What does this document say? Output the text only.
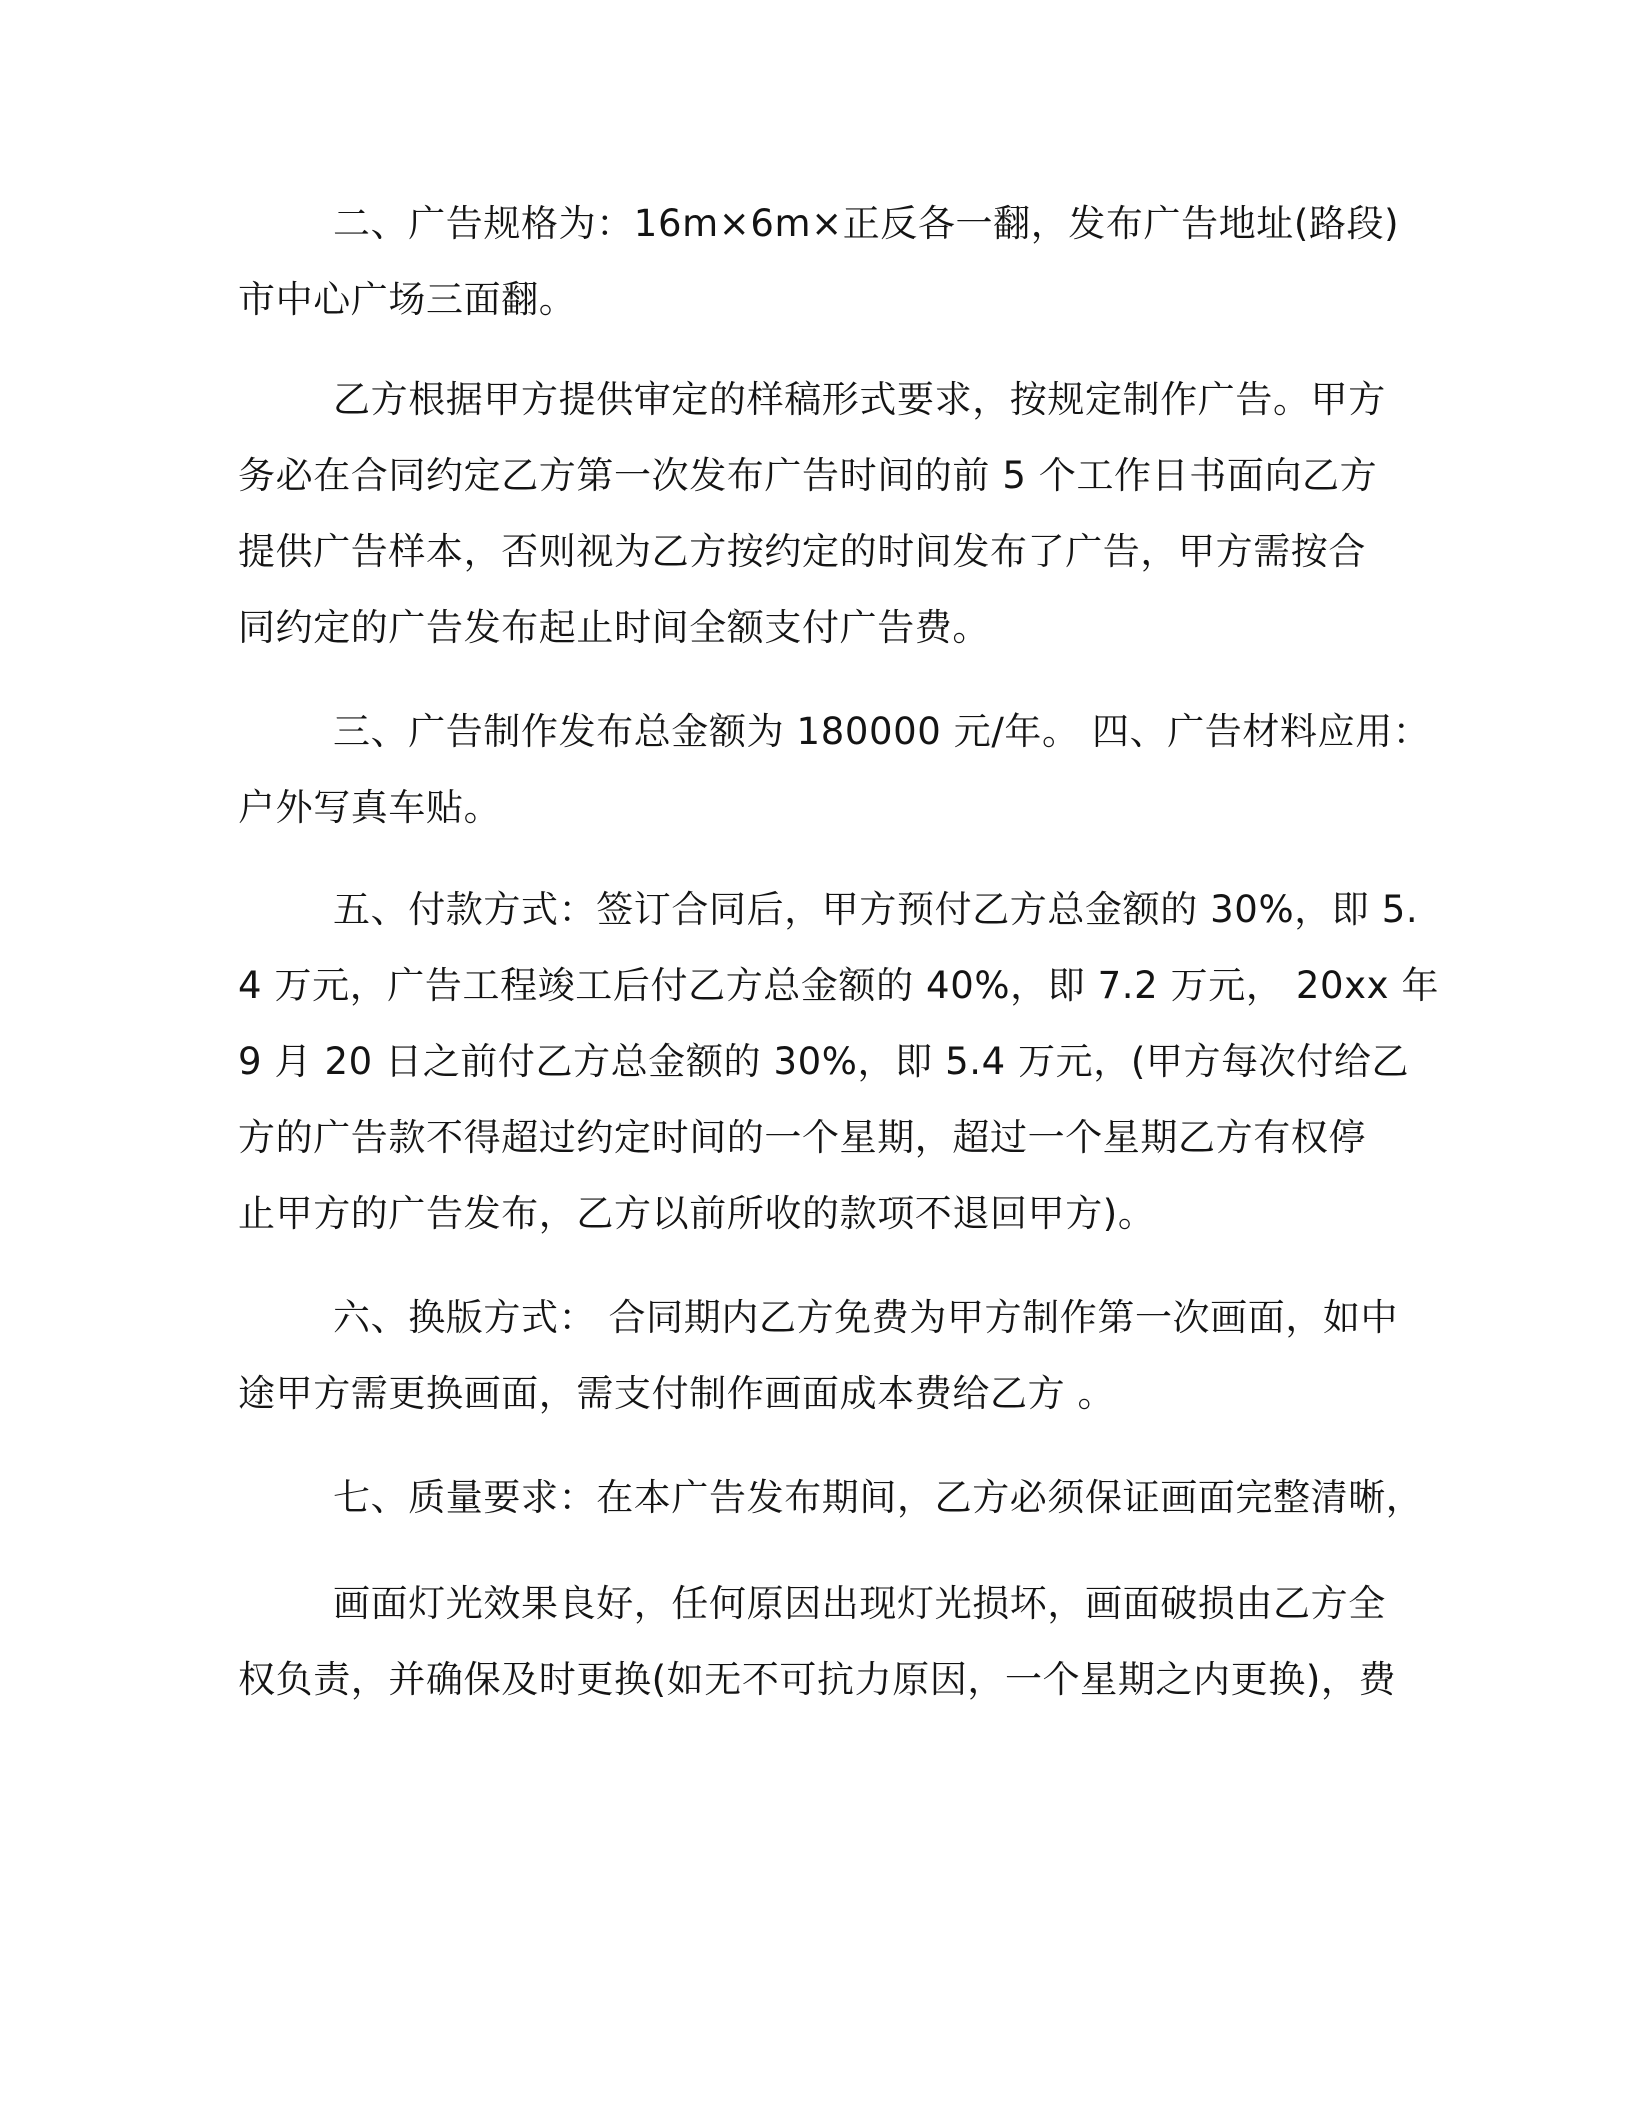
二、广告规格为：16m×6m×正反各一翻，发布广告地址(路段)
市中心广场三面翻。
乙方根据甲方提供审定的样稿形式要求，按规定制作广告。甲方
务必在合同约定乙方第一次发布广告时间的前 5 个工作日书面向乙方
提供广告样本，否则视为乙方按约定的时间发布了广告，甲方需按合
同约定的广告发布起止时间全额支付广告费。
三、广告制作发布总金额为 180000 元/年。 四、广告材料应用：
户外写真车贴。
五、付款方式：签订合同后，甲方预付乙方总金额的 30%，即 5.
4 万元，广告工程竣工后付乙方总金额的 40%，即 7.2 万元， 20xx 年
9 月 20 日之前付乙方总金额的 30%，即 5.4 万元，(甲方每次付给乙
方的广告款不得超过约定时间的一个星期，超过一个星期乙方有权停
止甲方的广告发布，乙方以前所收的款项不退回甲方)。
六、换版方式： 合同期内乙方免费为甲方制作第一次画面，如中
途甲方需更换画面，需支付制作画面成本费给乙方 。
七、质量要求：在本广告发布期间，乙方必须保证画面完整清晰，
画面灯光效果良好，任何原因出现灯光损坏，画面破损由乙方全
权负责，并确保及时更换(如无不可抗力原因，一个星期之内更换)，费
